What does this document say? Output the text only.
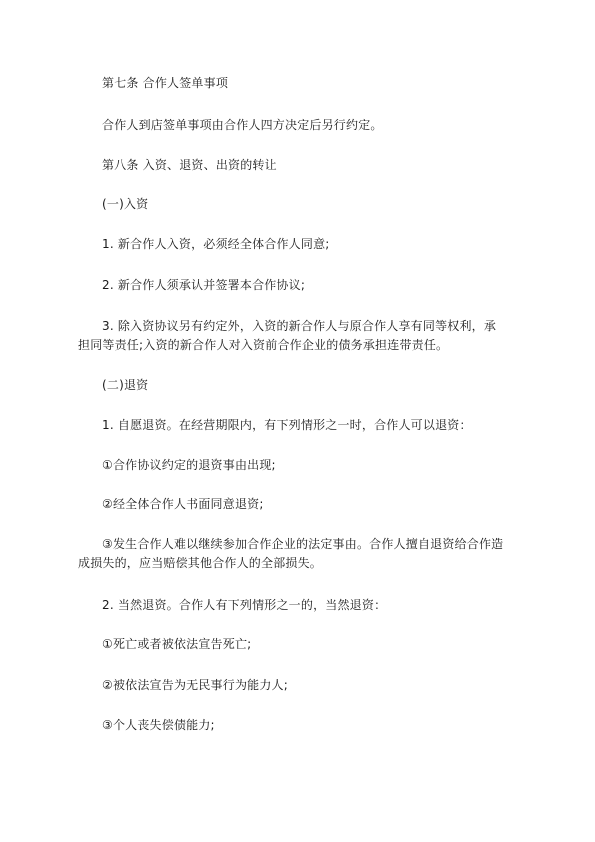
第七条 合作人签单事项

合作人到店签单事项由合作人四方决定后另行约定。

第八条 入资、退资、出资的转让

(一)入资

1. 新合作人入资，必须经全体合作人同意;

2. 新合作人须承认并签署本合作协议;

3. 除入资协议另有约定外，入资的新合作人与原合作人享有同等权利，承担同等责任;入资的新合作人对入资前合作企业的债务承担连带责任。

(二)退资

1. 自愿退资。在经营期限内，有下列情形之一时，合作人可以退资：

①合作协议约定的退资事由出现;

②经全体合作人书面同意退资;

③发生合作人难以继续参加合作企业的法定事由。合作人擅自退资给合作造成损失的，应当赔偿其他合作人的全部损失。

2. 当然退资。合作人有下列情形之一的，当然退资：

①死亡或者被依法宣告死亡;

②被依法宣告为无民事行为能力人;

③个人丧失偿债能力;
